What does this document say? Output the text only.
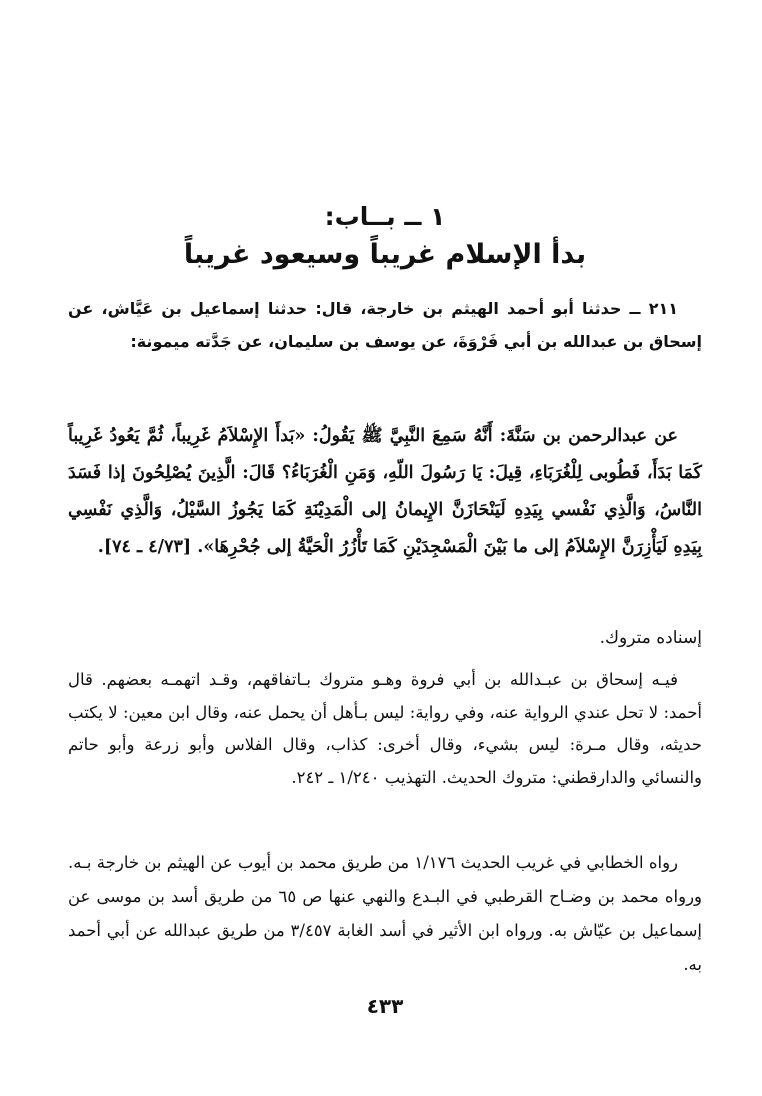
١ ــ بــاب:
بدأ الإسلام غريباً وسيعود غريباً
٢١١ ــ حدثنا أبو أحمد الهيثم بن خارجة، قال: حدثنا إسماعيل بن عَيَّاش، عن إسحاق بن عبدالله بن أبي فَرْوَةَ، عن يوسف بن سليمان، عن جَدَّته ميمونة:
عن عبدالرحمن بن سَنَّةَ: أَنَّهُ سَمِعَ النَّبِيَّ ﷺ يَقُولُ: «بَدأَ الإِسْلاَمُ غَرِيباً، ثُمَّ يَعُودُ غَرِيباً كَمَا بَدَأَ، فَطُوبى لِلْغُرَبَاءِ، قِيلَ: يَا رَسُولَ اللّهِ، وَمَنِ الْغُرَبَاءُ؟ قَالَ: الَّذِينَ يُصْلِحُونَ إذا فَسَدَ النَّاسُ، وَالَّذِي نَفْسي بِيَدِهِ لَيَنْحَازَنَّ الإِيمانُ إلى الْمَدِيْنَةِ كَمَا يَجُوزُ السَّيْلُ، وَالَّذِي نَفْسِي بِيَدِهِ لَيَأْزِرَنَّ الإِسْلاَمُ إلى ما بَيْنَ الْمَسْجِدَيْنِ كَمَا تَأْزُرُ الْحَيَّةُ إلى جُحْرِهَا». [٤/٧٣ ـ ٧٤].
إسناده متروك.
فيـه إسحاق بن عبـدالله بن أبي فروة وهـو متروك بـاتفاقهم، وقـد اتهمـه بعضهم. قال أحمد: لا تحل عندي الرواية عنه، وفي رواية: ليس بـأهل أن يحمل عنه، وقال ابن معين: لا يكتب حديثه، وقال مـرة: ليس بشيء، وقال أخرى: كذاب، وقال الفلاس وأبو زرعة وأبو حاتم والنسائي والدارقطني: متروك الحديث. التهذيب ١/٢٤٠ ـ ٢٤٢.
رواه الخطابي في غريب الحديث ١/١٧٦ من طريق محمد بن أيوب عن الهيثم بن خارجة بـه. ورواه محمد بن وضـاح القرطبي في البـدع والنهي عنها ص ٦٥ من طريق أسد بن موسى عن إسماعيل بن عيّاش به. ورواه ابن الأثير في أسد الغابة ٣/٤٥٧ من طريق عبدالله عن أبي أحمد به.
٤٣٣
